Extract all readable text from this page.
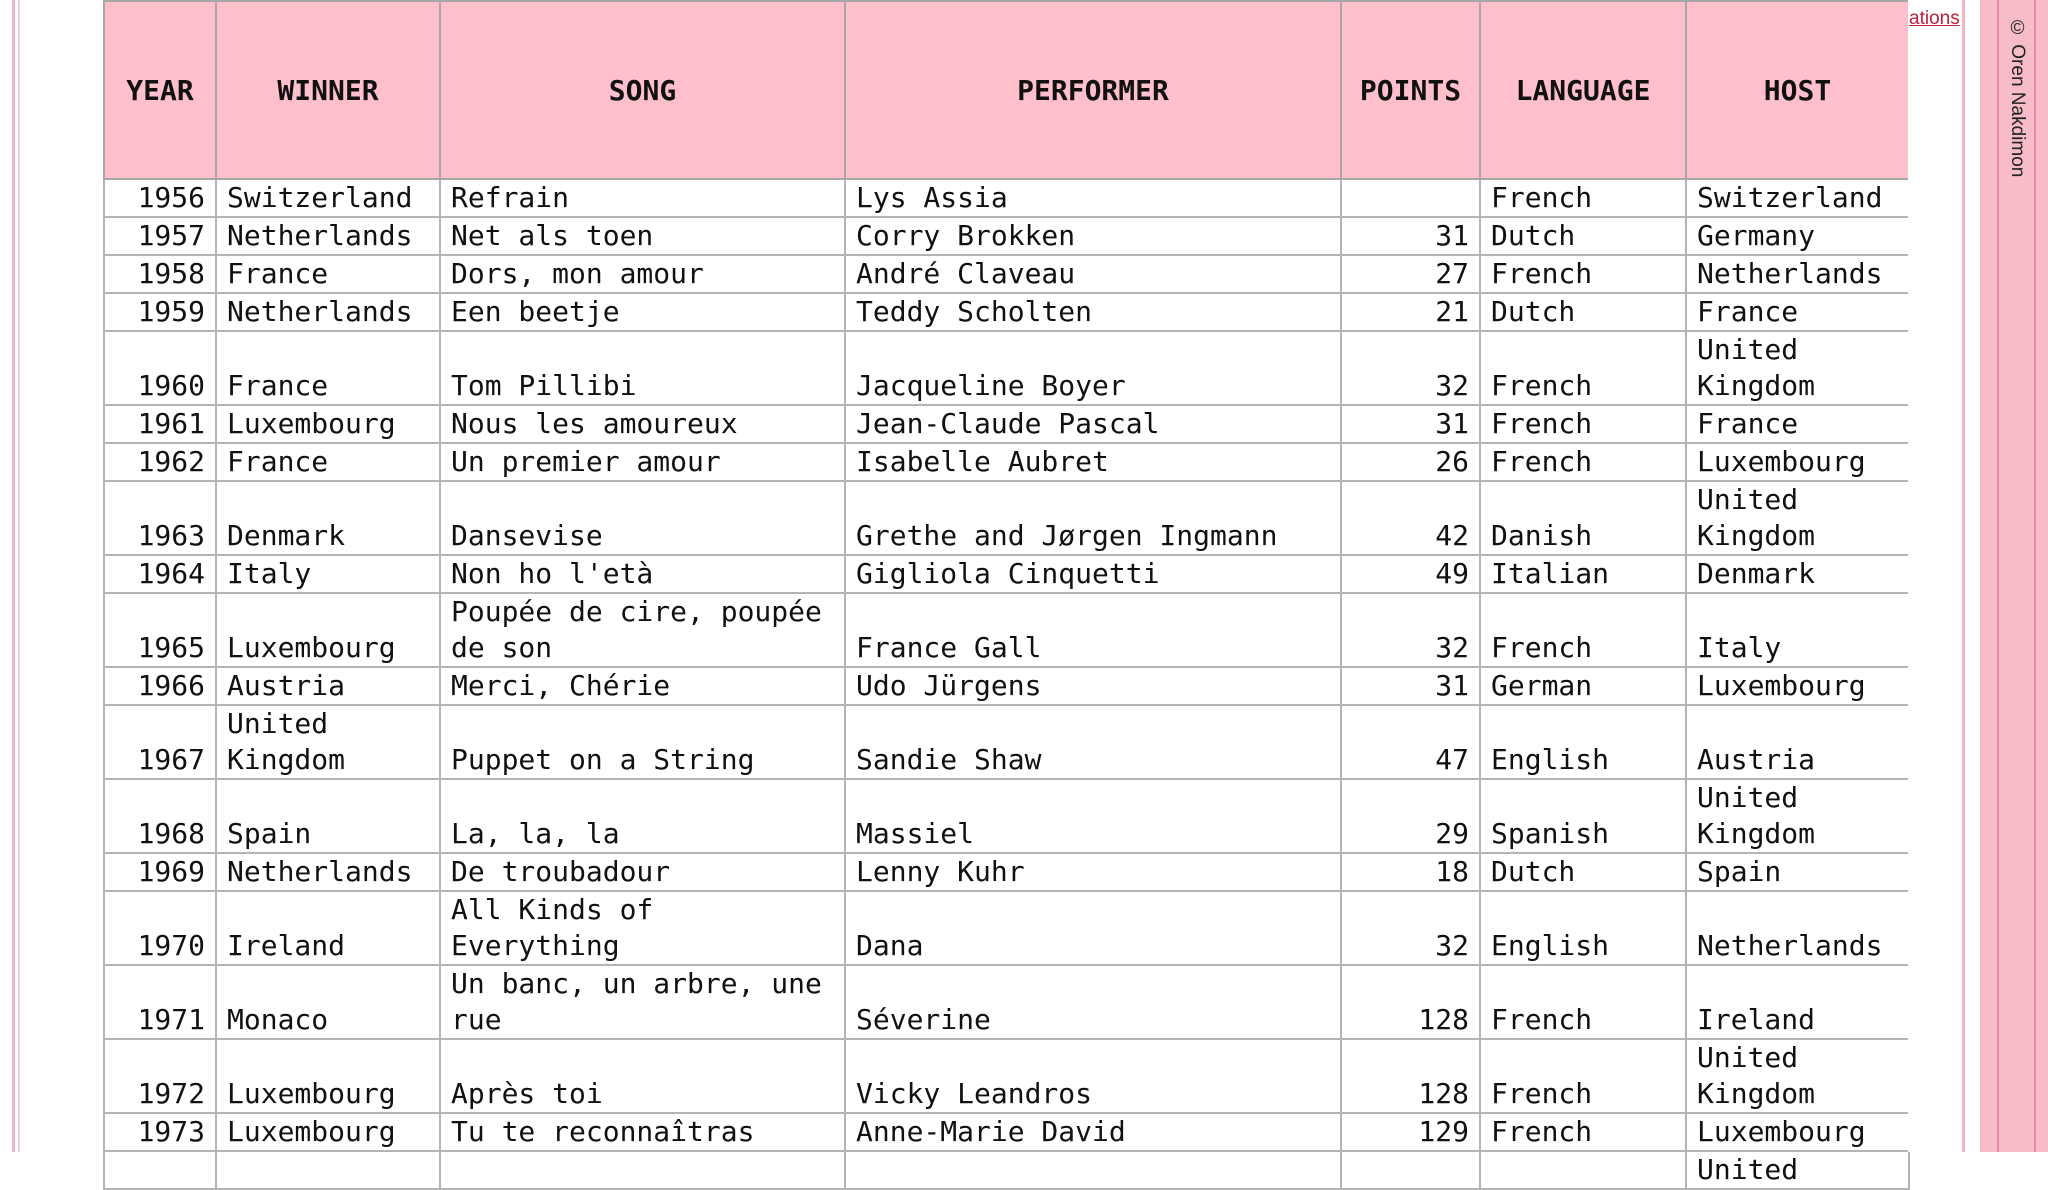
YEAR	WINNER	SONG	PERFORMER	POINTS	LANGUAGE	HOST
1956	Switzerland	Refrain	Lys Assia		French	Switzerland
1957	Netherlands	Net als toen	Corry Brokken	31	Dutch	Germany
1958	France	Dors, mon amour	André Claveau	27	French	Netherlands
1959	Netherlands	Een beetje	Teddy Scholten	21	Dutch	France
1960	France	Tom Pillibi	Jacqueline Boyer	32	French	United Kingdom
1961	Luxembourg	Nous les amoureux	Jean-Claude Pascal	31	French	France
1962	France	Un premier amour	Isabelle Aubret	26	French	Luxembourg
1963	Denmark	Dansevise	Grethe and Jørgen Ingmann	42	Danish	United Kingdom
1964	Italy	Non ho l'età	Gigliola Cinquetti	49	Italian	Denmark
1965	Luxembourg	Poupée de cire, poupée de son	France Gall	32	French	Italy
1966	Austria	Merci, Chérie	Udo Jürgens	31	German	Luxembourg
1967	United Kingdom	Puppet on a String	Sandie Shaw	47	English	Austria
1968	Spain	La, la, la	Massiel	29	Spanish	United Kingdom
1969	Netherlands	De troubadour	Lenny Kuhr	18	Dutch	Spain
1970	Ireland	All Kinds of Everything	Dana	32	English	Netherlands
1971	Monaco	Un banc, un arbre, une rue	Séverine	128	French	Ireland
1972	Luxembourg	Après toi	Vicky Leandros	128	French	United Kingdom
1973	Luxembourg	Tu te reconnaîtras	Anne-Marie David	129	French	Luxembourg
						United
ations © Oren Nakdimon
